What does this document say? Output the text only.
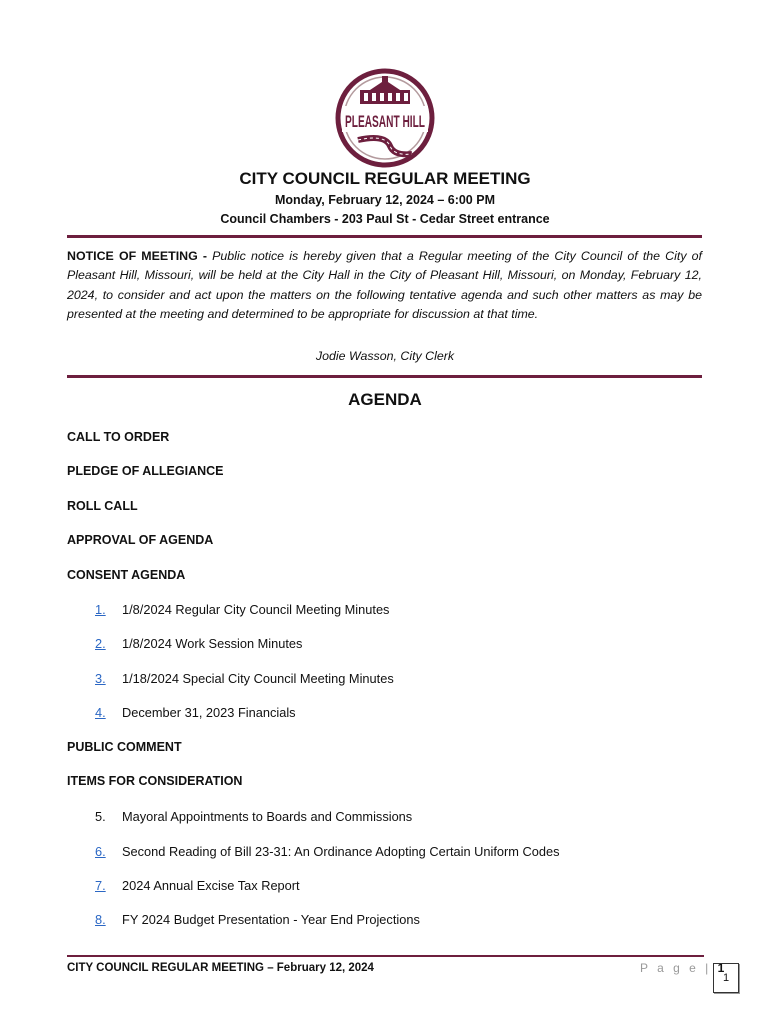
PLEASANT HILL
CITY COUNCIL REGULAR MEETING
Monday, February 12, 2024 – 6:00 PM
Council Chambers - 203 Paul St - Cedar Street entrance
NOTICE OF MEETING - Public notice is hereby given that a Regular meeting of the City Council of the City of Pleasant Hill, Missouri, will be held at the City Hall in the City of Pleasant Hill, Missouri, on Monday, February 12, 2024, to consider and act upon the matters on the following tentative agenda and such other matters as may be presented at the meeting and determined to be appropriate for discussion at that time.
Jodie Wasson, City Clerk
AGENDA
CALL TO ORDER
PLEDGE OF ALLEGIANCE
ROLL CALL
APPROVAL OF AGENDA
CONSENT AGENDA
1. 1/8/2024 Regular City Council Meeting Minutes
2. 1/8/2024 Work Session Minutes
3. 1/18/2024 Special City Council Meeting Minutes
4. December 31, 2023 Financials
PUBLIC COMMENT
ITEMS FOR CONSIDERATION
5. Mayoral Appointments to Boards and Commissions
6. Second Reading of Bill 23-31: An Ordinance Adopting Certain Uniform Codes
7. 2024 Annual Excise Tax Report
8. FY 2024 Budget Presentation - Year End Projections
CITY COUNCIL REGULAR MEETING – February 12, 2024	P a g e | 1
1
